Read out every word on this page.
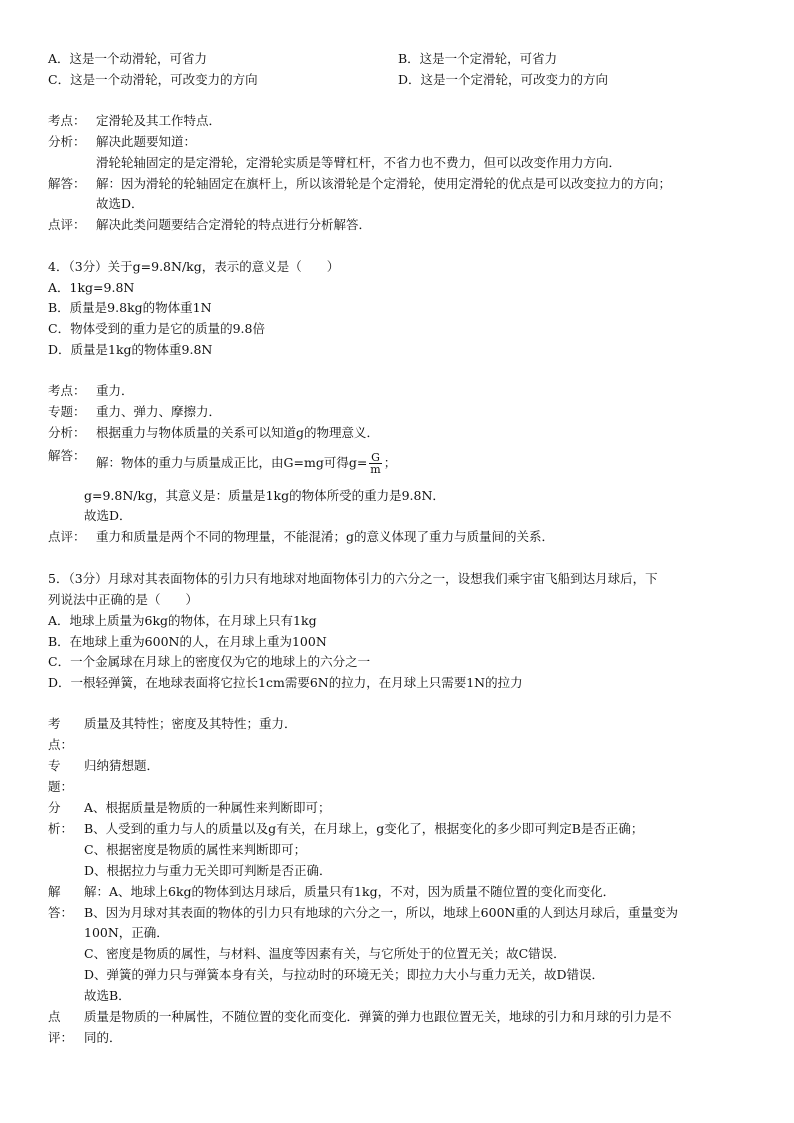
A．这是一个动滑轮，可省力	B．这是一个定滑轮，可省力
C．这是一个动滑轮，可改变力的方向	D．这是一个定滑轮，可改变力的方向
考点： 定滑轮及其工作特点．
分析： 解决此题要知道：
滑轮轮轴固定的是定滑轮，定滑轮实质是等臂杠杆，不省力也不费力，但可以改变作用力方向．
解答： 解：因为滑轮的轮轴固定在旗杆上，所以该滑轮是个定滑轮，使用定滑轮的优点是可以改变拉力的方向；
故选D．
点评： 解决此类问题要结合定滑轮的特点进行分析解答．
4．（3分）关于g=9.8N/kg，表示的意义是（　　）
A．1kg=9.8N
B．质量是9.8kg的物体重1N
C．物体受到的重力是它的质量的9.8倍
D．质量是1kg的物体重9.8N
考点： 重力．
专题： 重力、弹力、摩擦力．
分析： 根据重力与物体质量的关系可以知道g的物理意义．
解答： 解：物体的重力与质量成正比，由G=mg可得$g= \frac{G}{m}$ ；
g=9.8N/kg，其意义是：质量是1kg的物体所受的重力是9.8N．
故选D．
点评： 重力和质量是两个不同的物理量，不能混淆；g的意义体现了重力与质量间的关系．
5．（3分）月球对其表面物体的引力只有地球对地面物体引力的六分之一，设想我们乘宇宙飞船到达月球后，下
列说法中正确的是（　　）
A．地球上质量为6kg的物体，在月球上只有1kg
B．在地球上重为600N的人，在月球上重为100N
C．一个金属球在月球上的密度仅为它的地球上的六分之一
D．一根轻弹簧，在地球表面将它拉长1cm需要6N的拉力，在月球上只需要1N的拉力
考点：
质量及其特性；密度及其特性；重力．
专题：
归纳猜想题．
分析：
A、根据质量是物质的一种属性来判断即可；
B、人受到的重力与人的质量以及g有关，在月球上，g变化了，根据变化的多少即可判定B是否正确；
C、根据密度是物质的属性来判断即可；
D、根据拉力与重力无关即可判断是否正确．
解答：
解：A、地球上6kg的物体到达月球后，质量只有1kg，不对，因为质量不随位置的变化而变化．
B、因为月球对其表面的物体的引力只有地球的六分之一，所以，地球上600N重的人到达月球后，重量变为
100N，正确．
C、密度是物质的属性，与材料、温度等因素有关，与它所处于的位置无关；故C错误．
D、弹簧的弹力只与弹簧本身有关，与拉动时的环境无关；即拉力大小与重力无关，故D错误．
故选B．
点评：
质量是物质的一种属性，不随位置的变化而变化．弹簧的弹力也跟位置无关，地球的引力和月球的引力是不
同的．
